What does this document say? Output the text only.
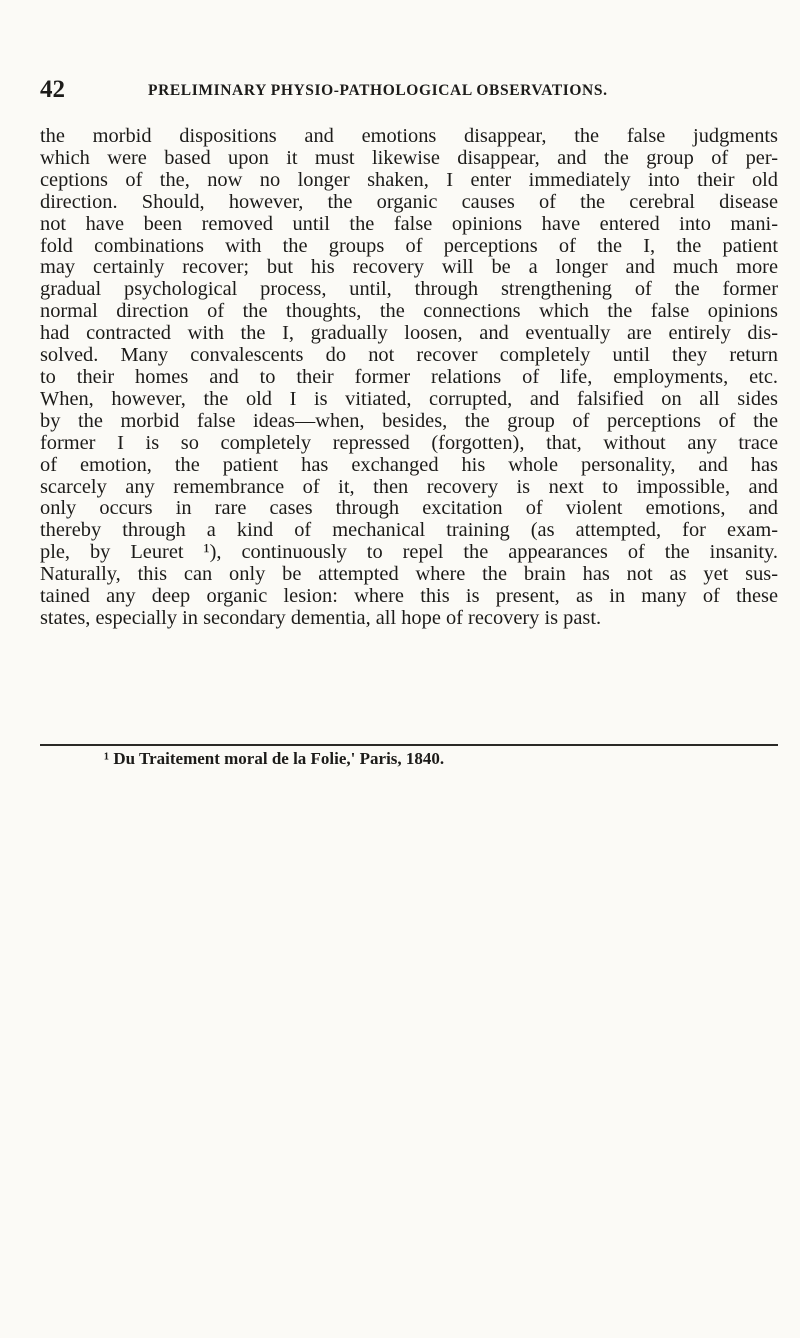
42	PRELIMINARY PHYSIO-PATHOLOGICAL OBSERVATIONS.
the morbid dispositions and emotions disappear, the false judgments
which were based upon it must likewise disappear, and the group of per-
ceptions of the, now no longer shaken, I enter immediately into their old
direction. Should, however, the organic causes of the cerebral disease
not have been removed until the false opinions have entered into mani-
fold combinations with the groups of perceptions of the I, the patient
may certainly recover; but his recovery will be a longer and much more
gradual psychological process, until, through strengthening of the former
normal direction of the thoughts, the connections which the false opinions
had contracted with the I, gradually loosen, and eventually are entirely dis-
solved. Many convalescents do not recover completely until they return
to their homes and to their former relations of life, employments, etc.
When, however, the old I is vitiated, corrupted, and falsified on all sides
by the morbid false ideas—when, besides, the group of perceptions of the
former I is so completely repressed (forgotten), that, without any trace
of emotion, the patient has exchanged his whole personality, and has
scarcely any remembrance of it, then recovery is next to impossible, and
only occurs in rare cases through excitation of violent emotions, and
thereby through a kind of mechanical training (as attempted, for exam-
ple, by Leuret ¹), continuously to repel the appearances of the insanity.
Naturally, this can only be attempted where the brain has not as yet sus-
tained any deep organic lesion: where this is present, as in many of these
states, especially in secondary dementia, all hope of recovery is past.
¹ Du Traitement moral de la Folie,' Paris, 1840.
